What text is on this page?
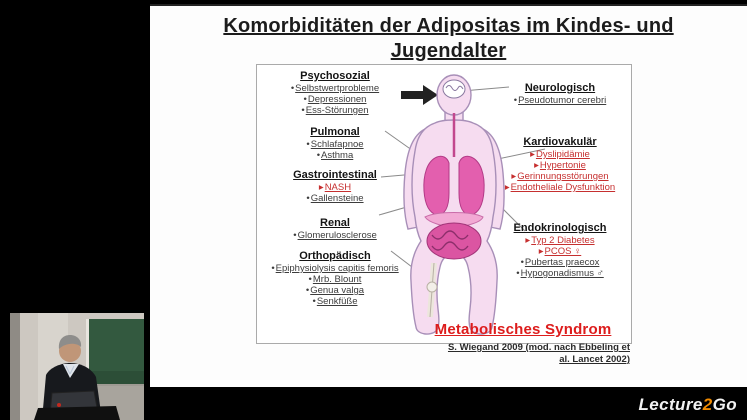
Komorbiditäten der Adipositas im Kindes- und
Jugendalter
Psychosozial
•Selbstwertprobleme
•Depressionen
•Ess-Störungen
Pulmonal
•Schlafapnoe
•Asthma
Gastrointestinal
▸NASH
•Gallensteine
Renal
•Glomerulosclerose
Orthopädisch
•Epiphysiolysis capitis femoris
•Mrb. Blount
•Genua valga
•Senkfüße
Neurologisch
•Pseudotumor cerebri
Kardiovakulär
▸Dyslipidämie
▸Hypertonie
▸Gerinnungsstörungen
▸Endotheliale Dysfunktion
Endokrinologisch
▸Typ 2 Diabetes
▸PCOS ♀
•Pubertas praecox
•Hypogonadismus ♂
Metabolisches Syndrom
S. Wiegand 2009 (mod. nach Ebbeling et
al. Lancet 2002)
Lecture2Go
